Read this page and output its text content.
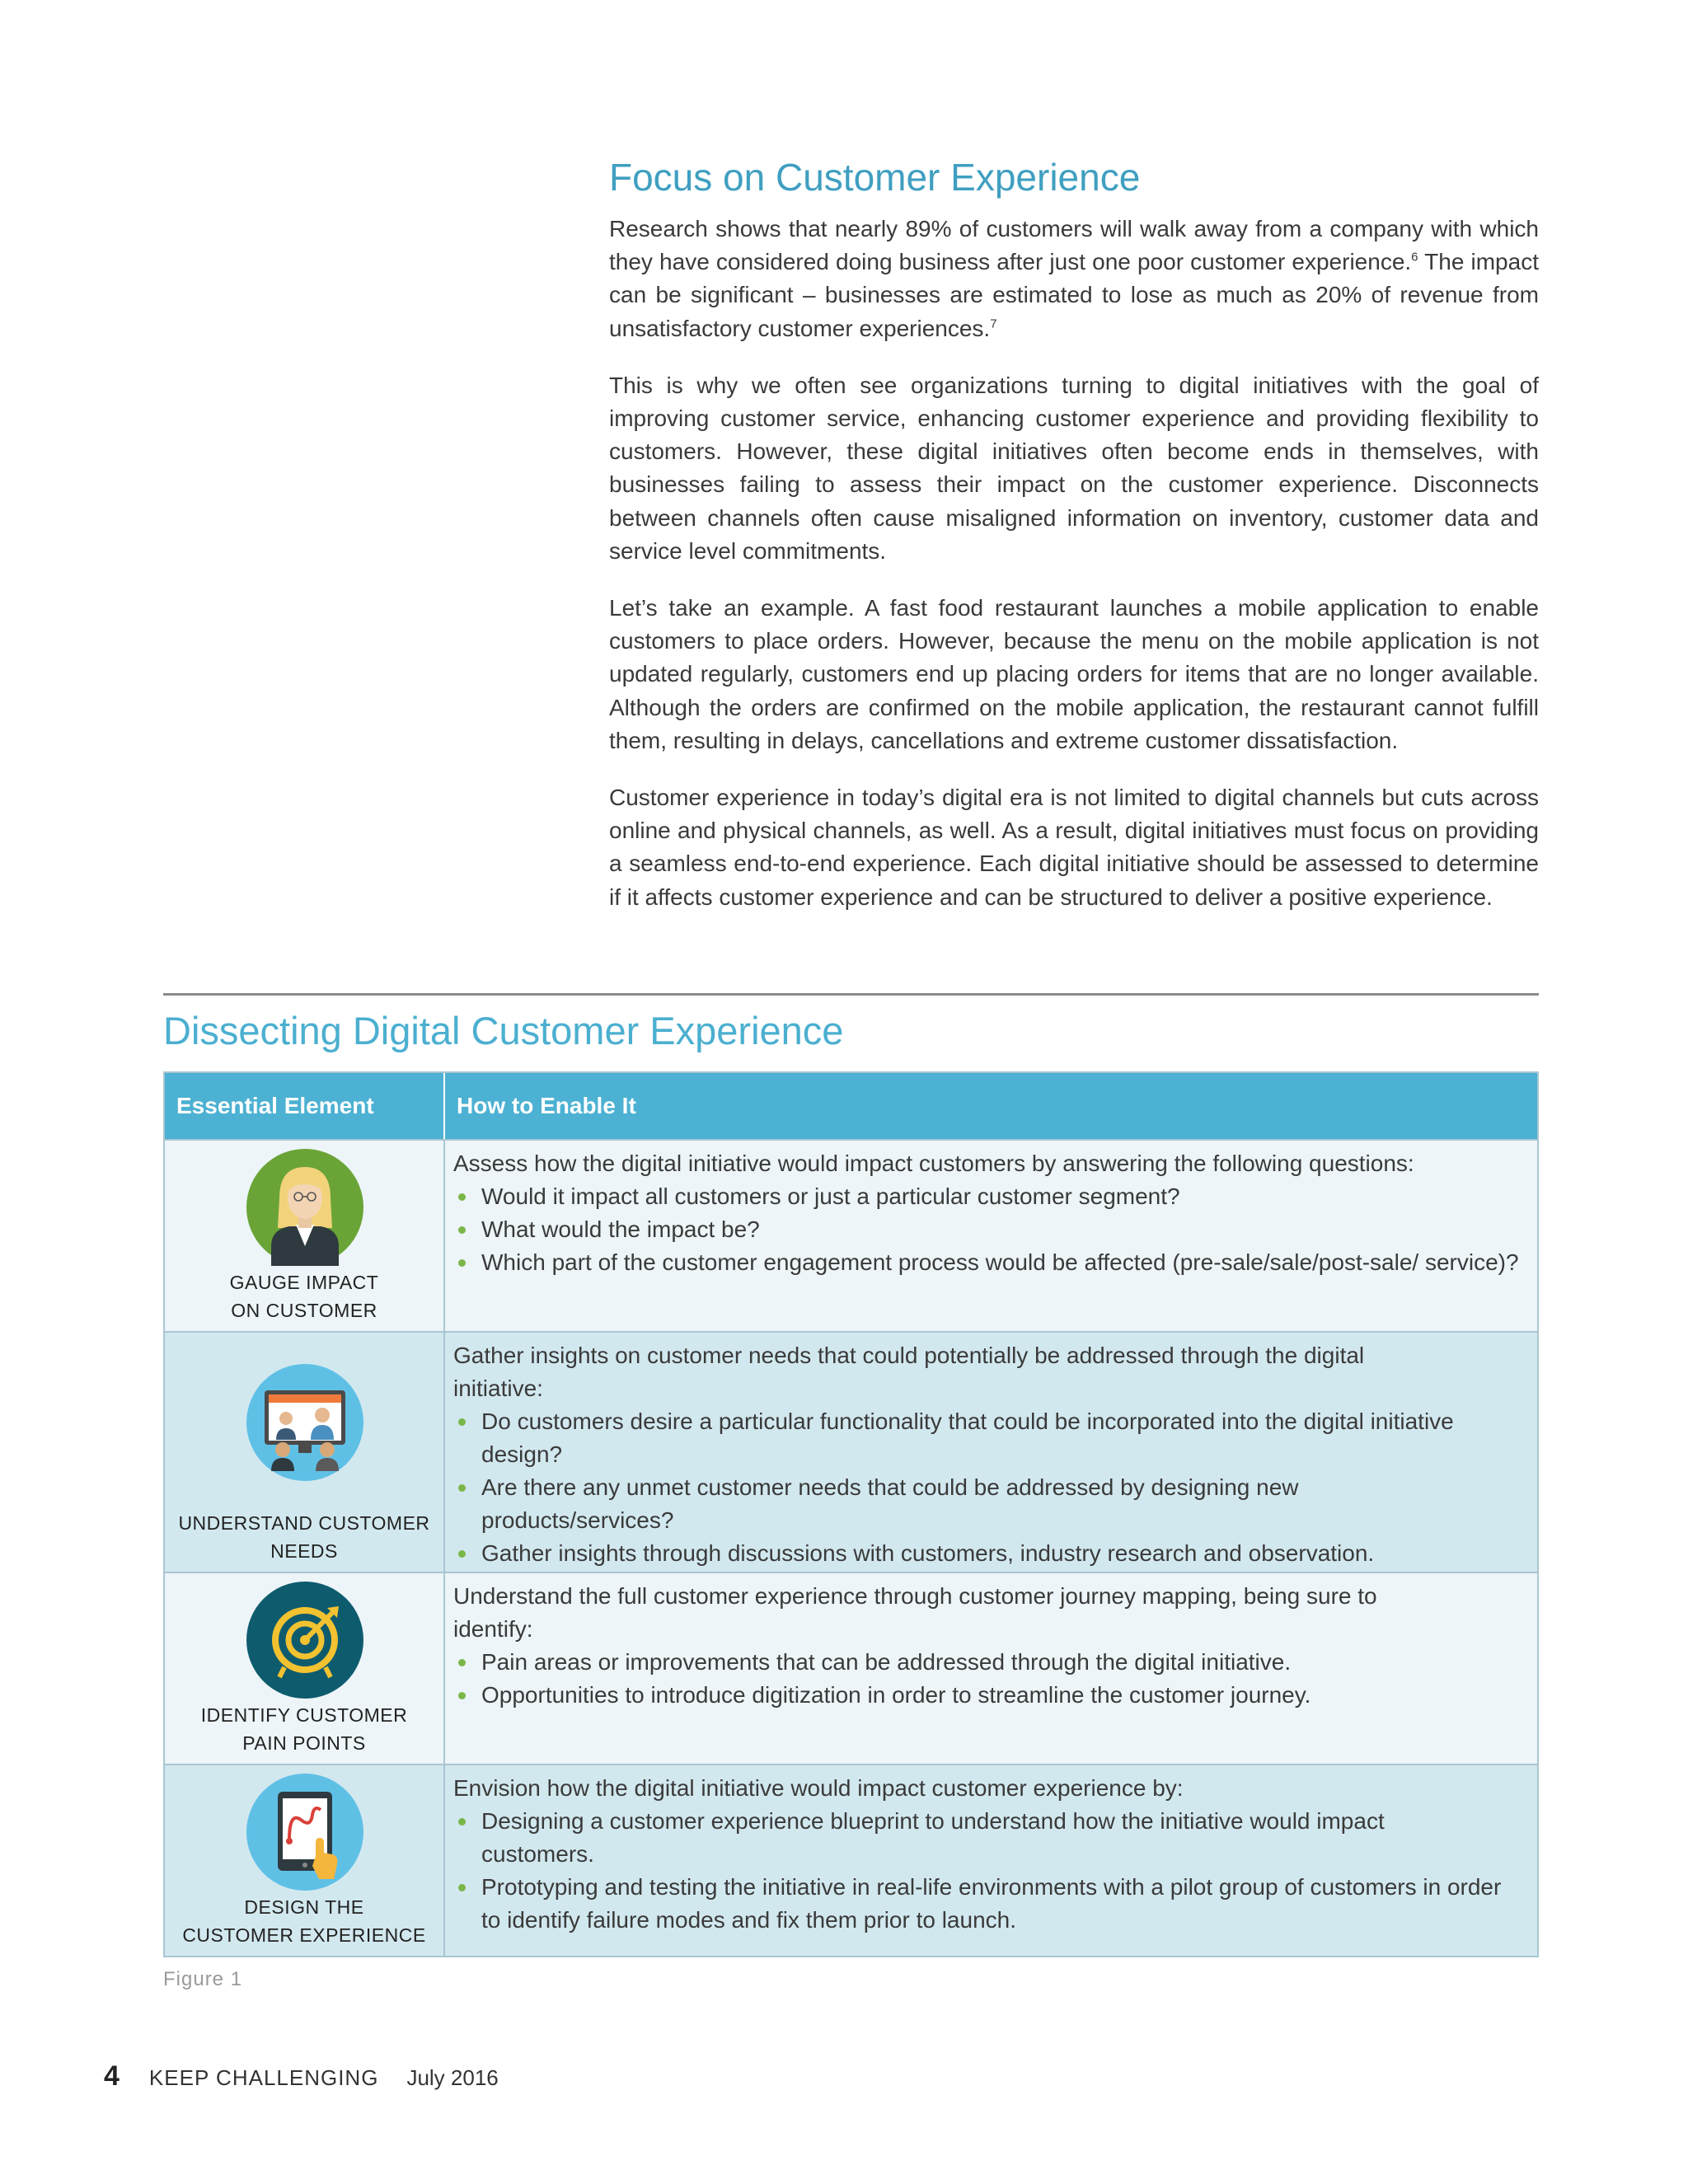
Focus on Customer Experience

Research shows that nearly 89% of customers will walk away from a company with which they have considered doing business after just one poor customer experience.$^6$ The impact can be significant – businesses are estimated to lose as much as 20% of revenue from unsatisfactory customer experiences.$^7$

This is why we often see organizations turning to digital initiatives with the goal of improving customer service, enhancing customer experience and providing flexibility to customers. However, these digital initiatives often become ends in themselves, with businesses failing to assess their impact on the customer experience. Disconnects between channels often cause misaligned information on inventory, customer data and service level commitments.

Let’s take an example. A fast food restaurant launches a mobile application to enable customers to place orders. However, because the menu on the mobile application is not updated regularly, customers end up placing orders for items that are no longer available. Although the orders are confirmed on the mobile application, the restaurant cannot fulfill them, resulting in delays, cancellations and extreme customer dissatisfaction.

Customer experience in today’s digital era is not limited to digital channels but cuts across online and physical channels, as well. As a result, digital initiatives must focus on providing a seamless end-to-end experience. Each digital initiative should be assessed to determine if it affects customer experience and can be structured to deliver a positive experience.

Dissecting Digital Customer Experience
Essential Element	How to Enable It
GAUGE IMPACT
ON CUSTOMER
Assess how the digital initiative would impact customers by answering the following questions:
Would it impact all customers or just a particular customer segment?
What would the impact be?
Which part of the customer engagement process would be affected (pre-sale/sale/post-sale/ service)?
UNDERSTAND CUSTOMER
NEEDS
Gather insights on customer needs that could potentially be addressed through the digital initiative:
Do customers desire a particular functionality that could be incorporated into the digital initiative design?
Are there any unmet customer needs that could be addressed by designing new products/services?
Gather insights through discussions with customers, industry research and observation.
IDENTIFY CUSTOMER
PAIN POINTS
Understand the full customer experience through customer journey mapping, being sure to identify:
Pain areas or improvements that can be addressed through the digital initiative.
Opportunities to introduce digitization in order to streamline the customer journey.
DESIGN THE
CUSTOMER EXPERIENCE
Envision how the digital initiative would impact customer experience by:
Designing a customer experience blueprint to understand how the initiative would impact customers.
Prototyping and testing the initiative in real-life environments with a pilot group of customers in order to identify failure modes and fix them prior to launch.
Figure 1
4 KEEP CHALLENGING July 2016
